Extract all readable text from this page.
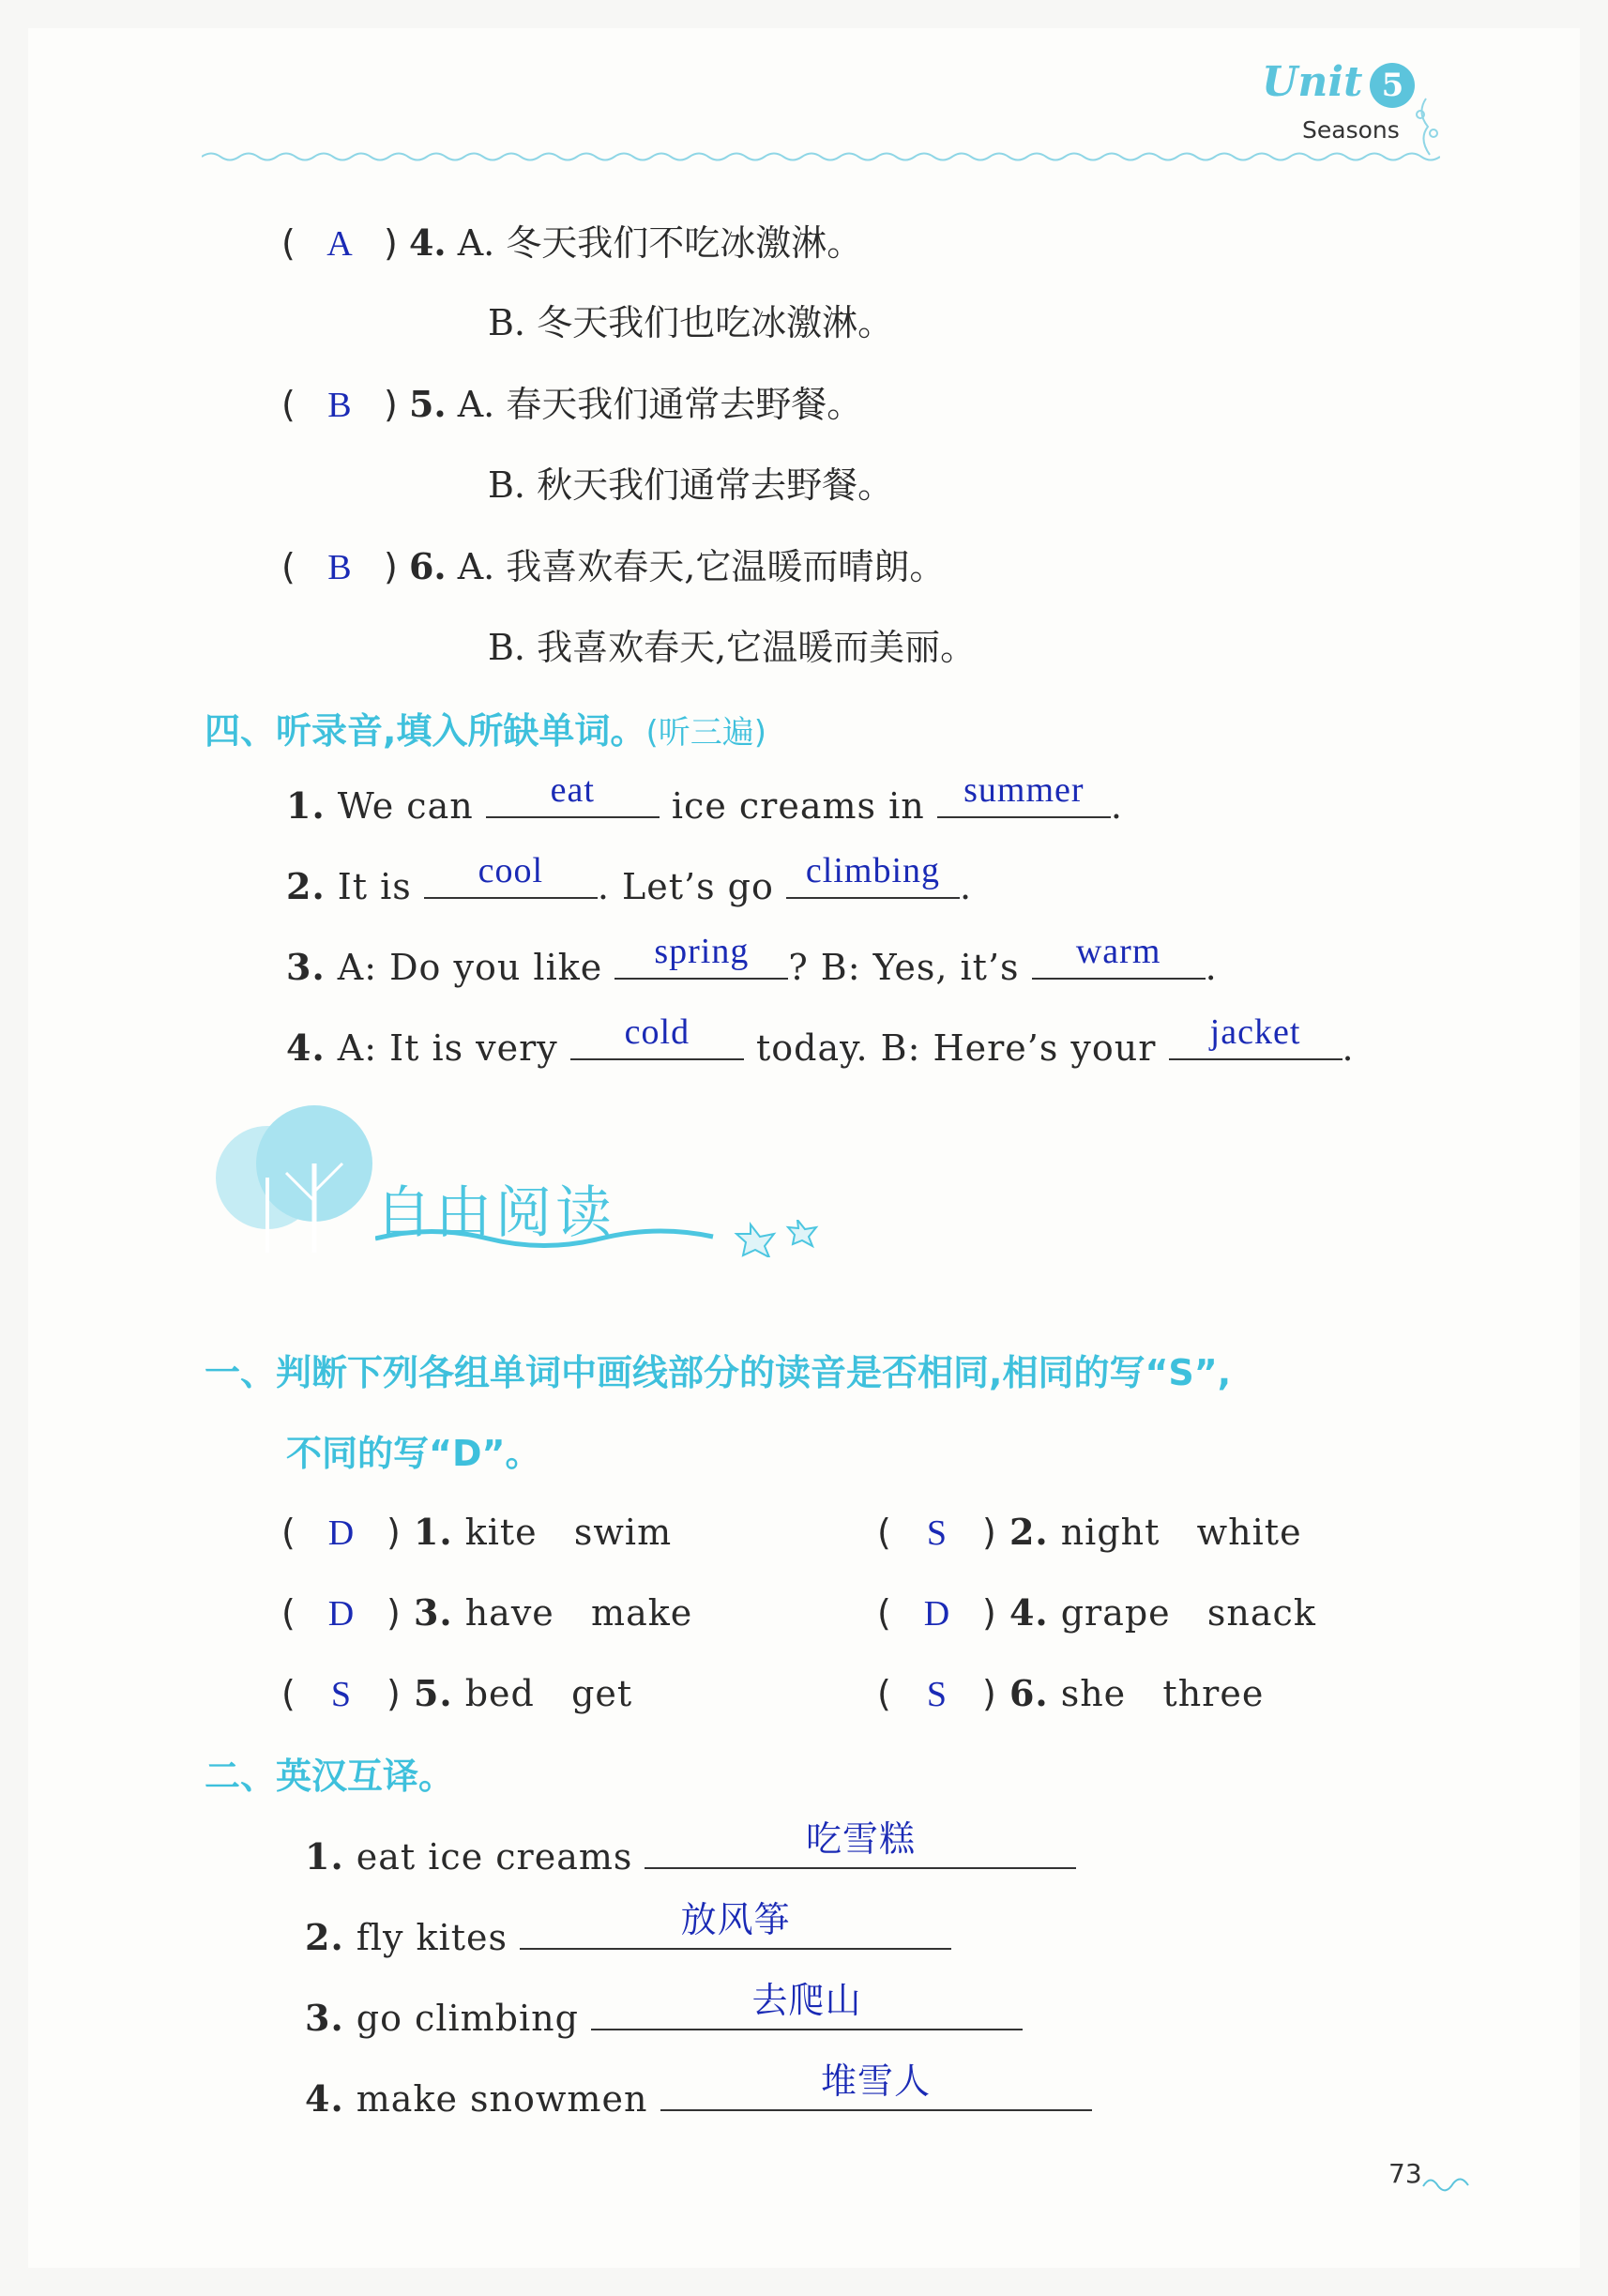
Unit 5
Seasons
( A ) 4. A. 冬天我们不吃冰激淋。
B. 冬天我们也吃冰激淋。
( B ) 5. A. 春天我们通常去野餐。
B. 秋天我们通常去野餐。
( B ) 6. A. 我喜欢春天,它温暖而晴朗。
B. 我喜欢春天,它温暖而美丽。
四、听录音,填入所缺单词。(听三遍)
1. We can	eat	ice creams in	summer .
2. It is	cool	. Let’s go climbing .
3. A: Do you like	spring	? B: Yes, it’s	warm	.
4. A: It is very	cold	today. B: Here’s your	jacket	.
自由阅读
一、判断下列各组单词中画线部分的读音是否相同,相同的写“S”,
不同的写“D”。
( D ) 1. kite swim	( S ) 2. night white
( D ) 3. have make	( D ) 4. grape snack
( S ) 5. bed get	( S ) 6. she three
二、英汉互译。
1. eat ice creams	吃雪糕
2. fly kites	放风筝
3. go climbing	去爬山
4. make snowmen	堆雪人
73
